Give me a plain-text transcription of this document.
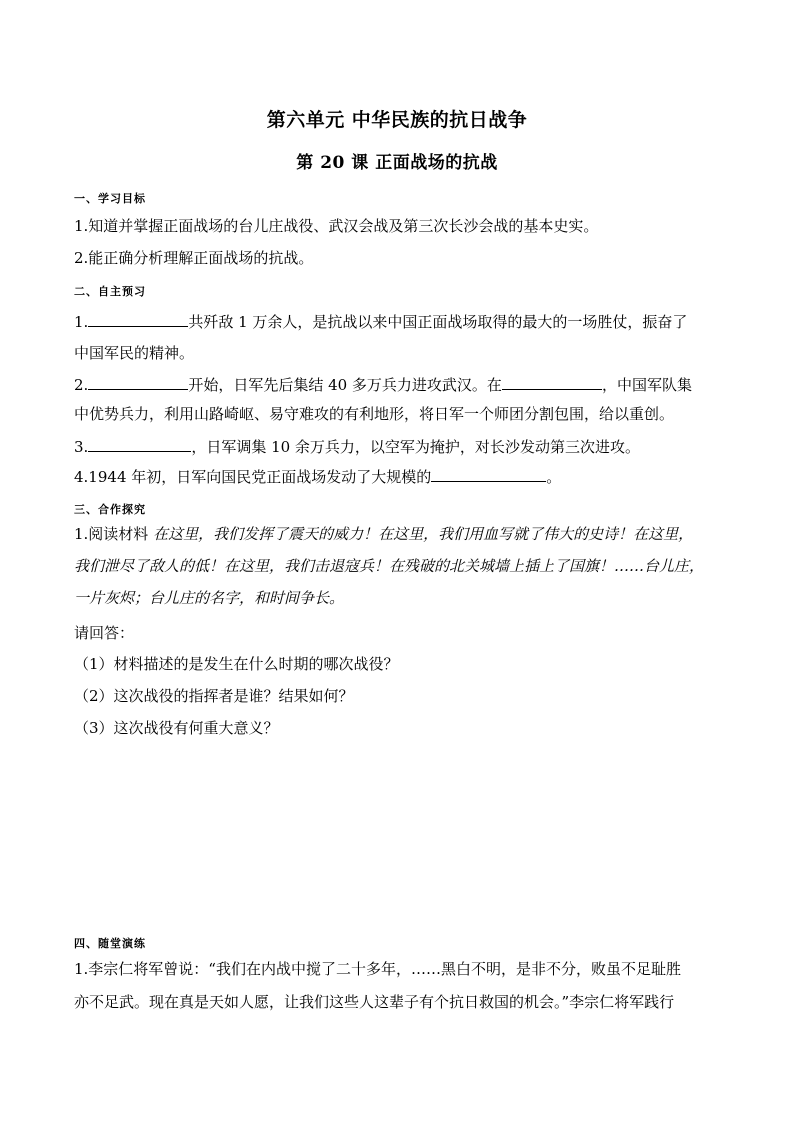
第六单元 中华民族的抗日战争
第 20 课 正面战场的抗战
一、学习目标
1.知道并掌握正面战场的台儿庄战役、武汉会战及第三次长沙会战的基本史实。
2.能正确分析理解正面战场的抗战。
二、自主预习
1.	共歼敌 1 万余人，是抗战以来中国正面战场取得的最大的一场胜仗，振奋了
中国军民的精神。
2.	开始，日军先后集结 40 多万兵力进攻武汉。在	，中国军队集
中优势兵力，利用山路崎岖、易守难攻的有利地形，将日军一个师团分割包围，给以重创。
3.	，日军调集 10 余万兵力，以空军为掩护，对长沙发动第三次进攻。
4.1944 年初，日军向国民党正面战场发动了大规模的	。
三、合作探究
1.阅读材料 在这里，我们发挥了震天的威力！在这里，我们用血写就了伟大的史诗！在这里，
我们泄尽了敌人的低！在这里，我们击退寇兵！在残破的北关城墙上插上了国旗！……台儿庄，
一片灰烬；台儿庄的名字，和时间争长。
请回答：
（1）材料描述的是发生在什么时期的哪次战役？
（2）这次战役的指挥者是谁？结果如何？
（3）这次战役有何重大意义？
四、随堂演练
1.李宗仁将军曾说：“我们在内战中搅了二十多年，……黑白不明，是非不分，败虽不足耻胜
亦不足武。现在真是天如人愿，让我们这些人这辈子有个抗日救国的机会。”李宗仁将军践行
